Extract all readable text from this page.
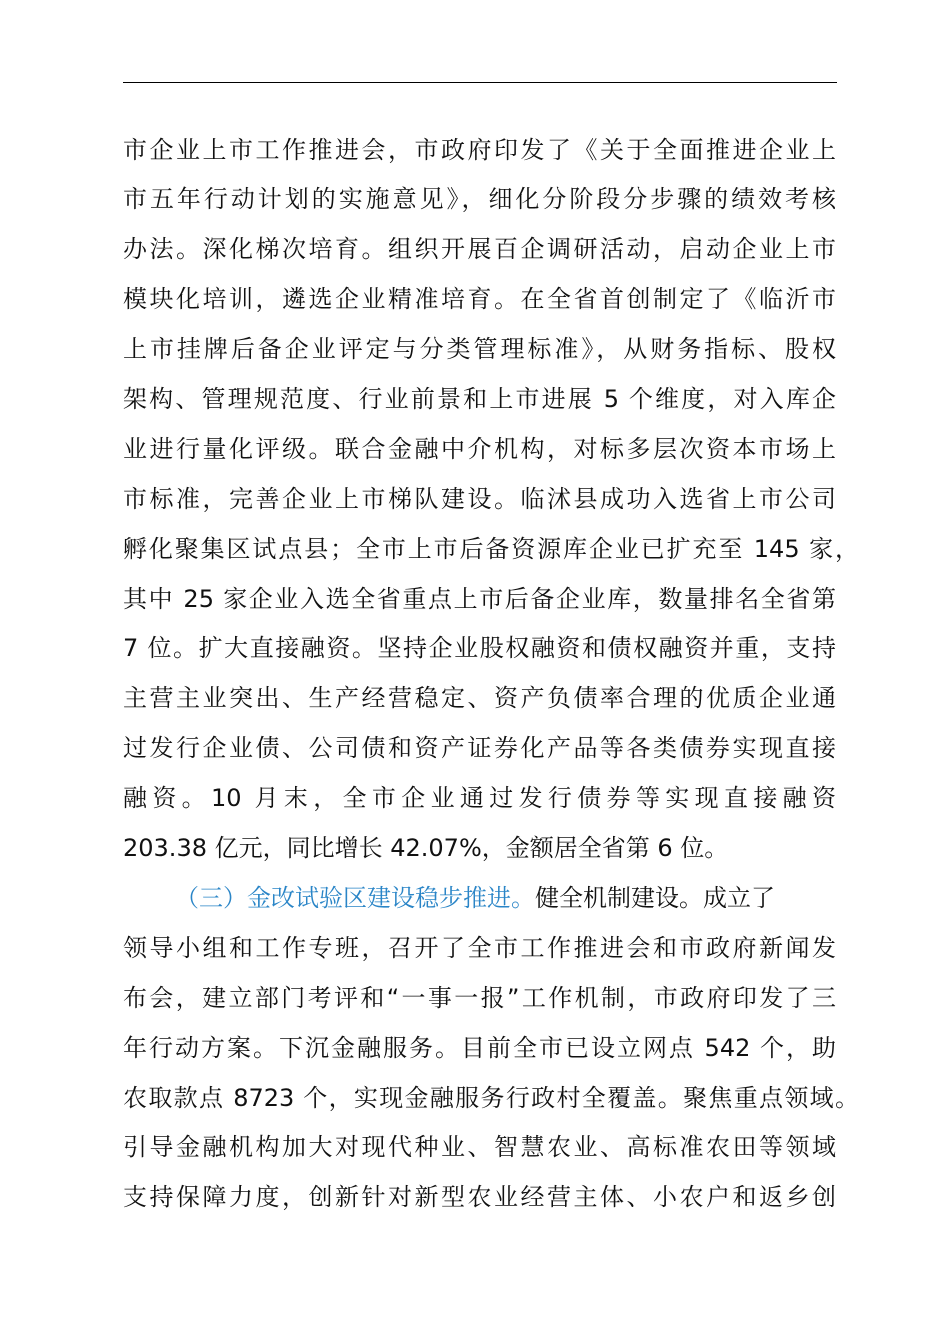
市企业上市工作推进会，市政府印发了《关于全面推进企业上
市五年行动计划的实施意见》，细化分阶段分步骤的绩效考核
办法。深化梯次培育。组织开展百企调研活动，启动企业上市
模块化培训，遴选企业精准培育。在全省首创制定了《临沂市
上市挂牌后备企业评定与分类管理标准》，从财务指标、股权
架构、管理规范度、行业前景和上市进展 5 个维度，对入库企
业进行量化评级。联合金融中介机构，对标多层次资本市场上
市标准，完善企业上市梯队建设。临沭县成功入选省上市公司
孵化聚集区试点县；全市上市后备资源库企业已扩充至 145 家，
其中 25 家企业入选全省重点上市后备企业库，数量排名全省第
7 位。扩大直接融资。坚持企业股权融资和债权融资并重，支持
主营主业突出、生产经营稳定、资产负债率合理的优质企业通
过发行企业债、公司债和资产证券化产品等各类债券实现直接
融资。10 月末，全市企业通过发行债券等实现直接融资
203.38 亿元，同比增长 42.07%，金额居全省第 6 位。
（三）金改试验区建设稳步推进。健全机制建设。成立了
领导小组和工作专班，召开了全市工作推进会和市政府新闻发
布会，建立部门考评和“一事一报”工作机制，市政府印发了三
年行动方案。下沉金融服务。目前全市已设立网点 542 个，助
农取款点 8723 个，实现金融服务行政村全覆盖。聚焦重点领域。
引导金融机构加大对现代种业、智慧农业、高标准农田等领域
支持保障力度，创新针对新型农业经营主体、小农户和返乡创
